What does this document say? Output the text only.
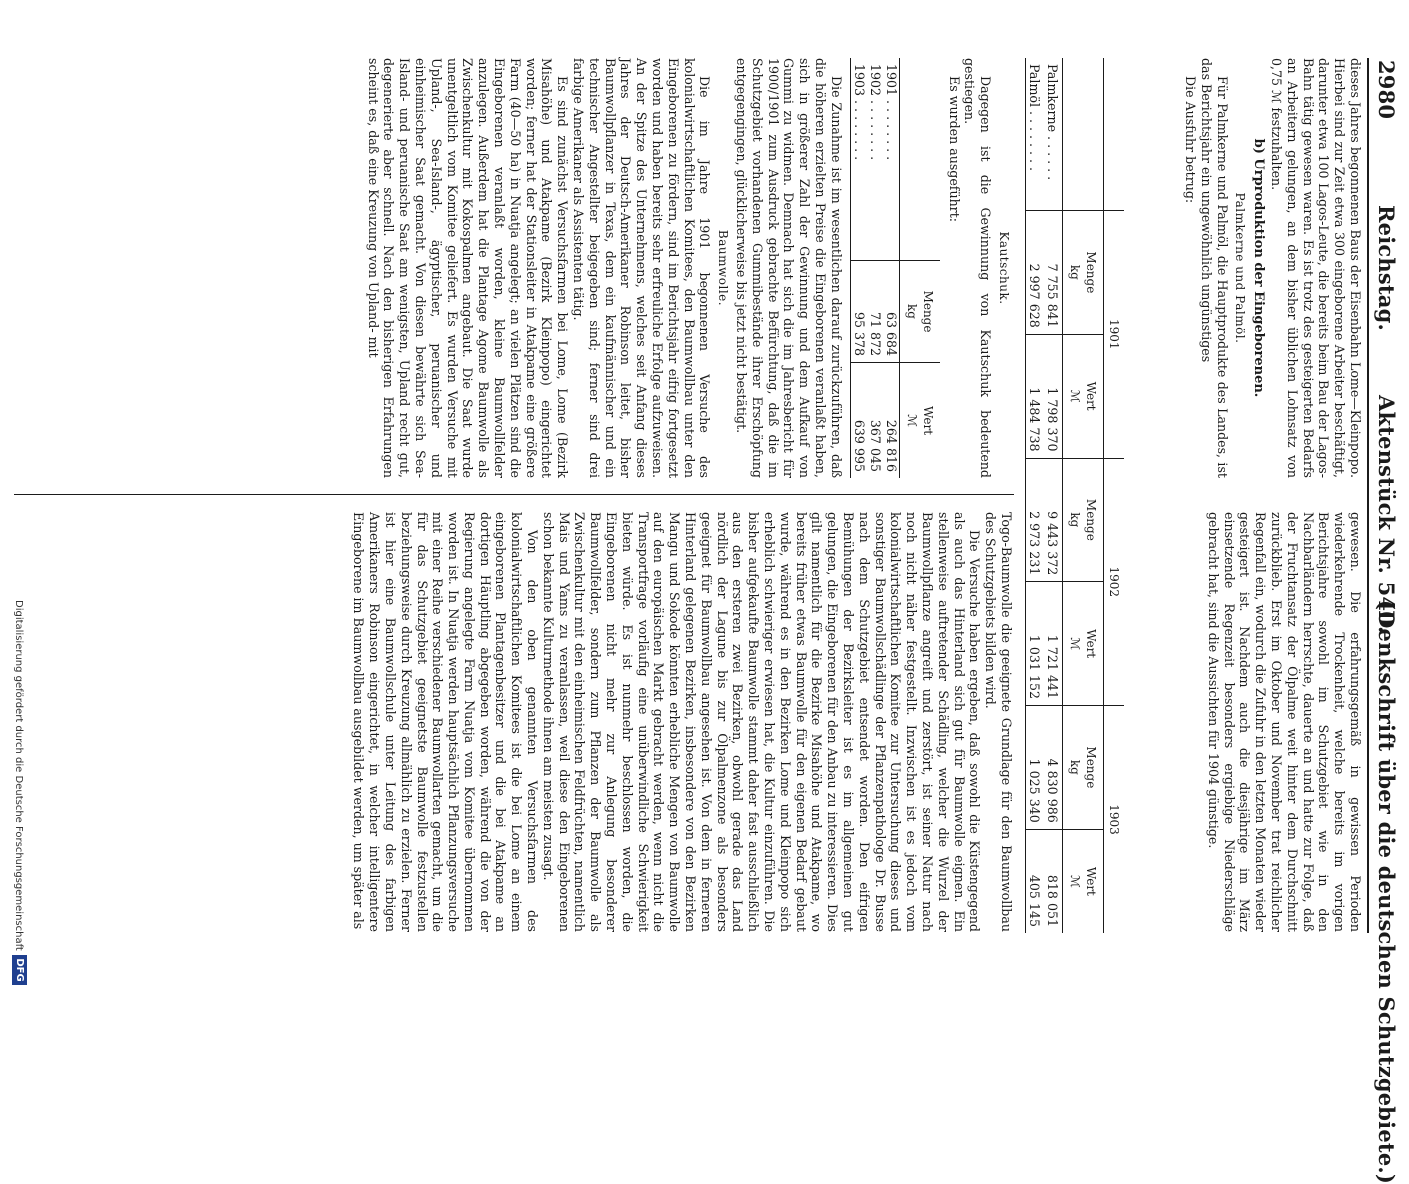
2980
Reichstag.
Aktenstück Nr. 540.
(Denkschrift über die deutschen Schutzgebiete.)

dieses Jahres begonnenen Baus der Eisenbahn Lome—Kleinpopo. Hierbei sind zur Zeit etwa 300 eingeborene Arbeiter beschäftigt, darunter etwa 100 Lagos-Leute, die bereits beim Bau der Lagos-Bahn tätig gewesen waren. Es ist trotz des gesteigerten Bedarfs an Arbeitern gelungen, an dem bisher üblichen Lohnsatz von 0,75 ℳ festzuhalten.

b) Urproduktion der Eingeborenen.
Palmkerne und Palmöl.

Für Palmkerne und Palmöl, die Hauptprodukte des Landes, ist das Berichtsjahr ein ungewöhnlich ungünstiges

Die Ausfuhr betrug:

gewesen. Die erfahrungsgemäß in gewissen Perioden wiederkehrende Trockenheit, welche bereits im vorigen Berichtsjahre sowohl im Schutzgebiet wie in den Nachbarländern herrschte, dauerte an und hatte zur Folge, daß der Fruchtansatz der Ölpalme weit hinter dem Durchschnitt zurückblieb. Erst im Oktober und November trat reichlicher Regenfall ein, wodurch die Zufuhr in den letzten Monaten wieder gesteigert ist. Nachdem auch die diesjährige im März einsetzende Regenzeit besonders ergiebige Niederschläge gebracht hat, sind die Aussichten für 1904 günstige.

	1901		1902		1903	
	Menge
kg	Wert
ℳ	Menge
kg	Wert
ℳ	Menge
kg	Wert
ℳ
Palmkerne . . . . . .	7 755 841	1 798 370	9 443 372	1 721 441	4 830 986	818 051
Palmöl . . . . . . . .	2 997 628	1 484 738	2 973 231	1 031 152	1 025 340	405 145
Kautschuk.

Dagegen ist die Gewinnung von Kautschuk bedeutend gestiegen.

Es wurden ausgeführt:

	Menge
kg	Wert
ℳ
1901 . . . . . . . .	63 684	264 816
1902 . . . . . . . .	71 872	367 045
1903 . . . . . . . .	95 378	639 995

Die Zunahme ist im wesentlichen darauf zurückzuführen, daß die höheren erzielten Preise die Eingeborenen veranlaßt haben, sich in größerer Zahl der Gewinnung und dem Aufkauf von Gummi zu widmen. Demnach hat sich die im Jahresbericht für 1900/1901 zum Ausdruck gebrachte Befürchtung, daß die im Schutzgebiet vorhandenen Gummibestände ihrer Erschöpfung entgegengingen, glücklicherweise bis jetzt nicht bestätigt.

Baumwolle.

Die im Jahre 1901 begonnenen Versuche des kolonialwirtschaftlichen Komitees, den Baumwollbau unter den Eingeborenen zu fördern, sind im Berichtsjahr eifrig fortgesetzt worden und haben bereits sehr erfreuliche Erfolge aufzuweisen. An der Spitze des Unternehmens, welches seit Anfang dieses Jahres der Deutsch-Amerikaner Robinson leitet, bisher Baumwollpflanzer in Texas, dem ein kaufmännischer und ein technischer Angestellter beigegeben sind; ferner sind drei farbige Amerikaner als Assistenten tätig.

Es sind zunächst Versuchsfarmen bei Lome, Lome (Bezirk Misahöhe) und Atakpame (Bezirk Kleinpopo) eingerichtet worden; ferner hat der Stationsleiter in Atakpame eine größere Farm (40—50 ha) in Nuatja angelegt; an vielen Plätzen sind die Eingeborenen veranlaßt worden, kleine Baumwollfelder anzulegen. Außerdem hat die Plantage Agome Baumwolle als Zwischenkultur mit Kokospalmen angebaut. Die Saat wurde unentgeltlich vom Komitee geliefert. Es wurden Versuche mit Upland-, Sea-Island-, ägyptischer, peruanischer und einheimischer Saat gemacht. Von diesen bewährte sich Sea-Island- und peruanische Saat am wenigsten, Upland recht gut, degenerierte aber schnell. Nach den bisherigen Erfahrungen scheint es, daß eine Kreuzung von Upland- mit

Togo-Baumwolle die geeignete Grundlage für den Baumwollbau des Schutzgebiets bilden wird.

Die Versuche haben ergeben, daß sowohl die Küstengegend als auch das Hinterland sich gut für Baumwolle eignen. Ein stellenweise auftretender Schädling, welcher die Wurzel der Baumwollpflanze angreift und zerstört, ist seiner Natur nach noch nicht näher festgestellt. Inzwischen ist es jedoch vom kolonialwirtschaftlichen Komitee zur Untersuchung dieses und sonstiger Baumwollschädlinge der Pflanzenpathologe Dr. Busse nach dem Schutzgebiet entsendet worden. Den eifrigen Bemühungen der Bezirksleiter ist es im allgemeinen gut gelungen, die Eingeborenen für den Anbau zu interessieren. Dies gilt namentlich für die Bezirke Misahöhe und Atakpame, wo bereits früher etwas Baumwolle für den eigenen Bedarf gebaut wurde, während es in den Bezirken Lome und Kleinpopo sich erheblich schwieriger erwiesen hat, die Kultur einzuführen. Die bisher aufgekaufte Baumwolle stammt daher fast ausschließlich aus den ersteren zwei Bezirken, obwohl gerade das Land nördlich der Lagune bis zur Ölpalmenzone als besonders geeignet für Baumwollbau angesehen ist. Von dem in ferneren Hinterland gelegenen Bezirken, insbesondere von den Bezirken Mangu und Sokode könnten erhebliche Mengen von Baumwolle auf den europäischen Markt gebracht werden, wenn nicht die Transportfrage vorläufig eine unüberwindliche Schwierigkeit bieten würde. Es ist nunmehr beschlossen worden, die Eingeborenen nicht mehr zur Anlegung besonderer Baumwollfelder, sondern zum Pflanzen der Baumwolle als Zwischenkultur mit den einheimischen Feldfrüchten, namentlich Mais und Yams zu veranlassen, weil diese den Eingeborenen schon bekannte Kulturmethode ihnen am meisten zusagt.

Von den oben genannten Versuchsfarmen des kolonialwirtschaftlichen Komitees ist die bei Lome an einem eingeborenen Plantagenbesitzer und die bei Atakpame an dortigen Häuptling abgegeben worden, während die von der Regierung angelegte Farm Nuatja vom Komitee übernommen worden ist. In Nuatja werden hauptsächlich Pflanzungsversuche mit einer Reihe verschiedener Baumwollarten gemacht, um die für das Schutzgebiet geeignetste Baumwolle festzustellen beziehungsweise durch Kreuzung allmählich zu erzielen. Ferner ist hier eine Baumwollschule unter Leitung des farbigen Amerikaners Robinson eingerichtet, in welcher intelligentere Eingeborene im Baumwollbau ausgebildet werden, um später als

Digitalisierung gefördert durch die Deutsche Forschungsgemeinschaft
DFG
